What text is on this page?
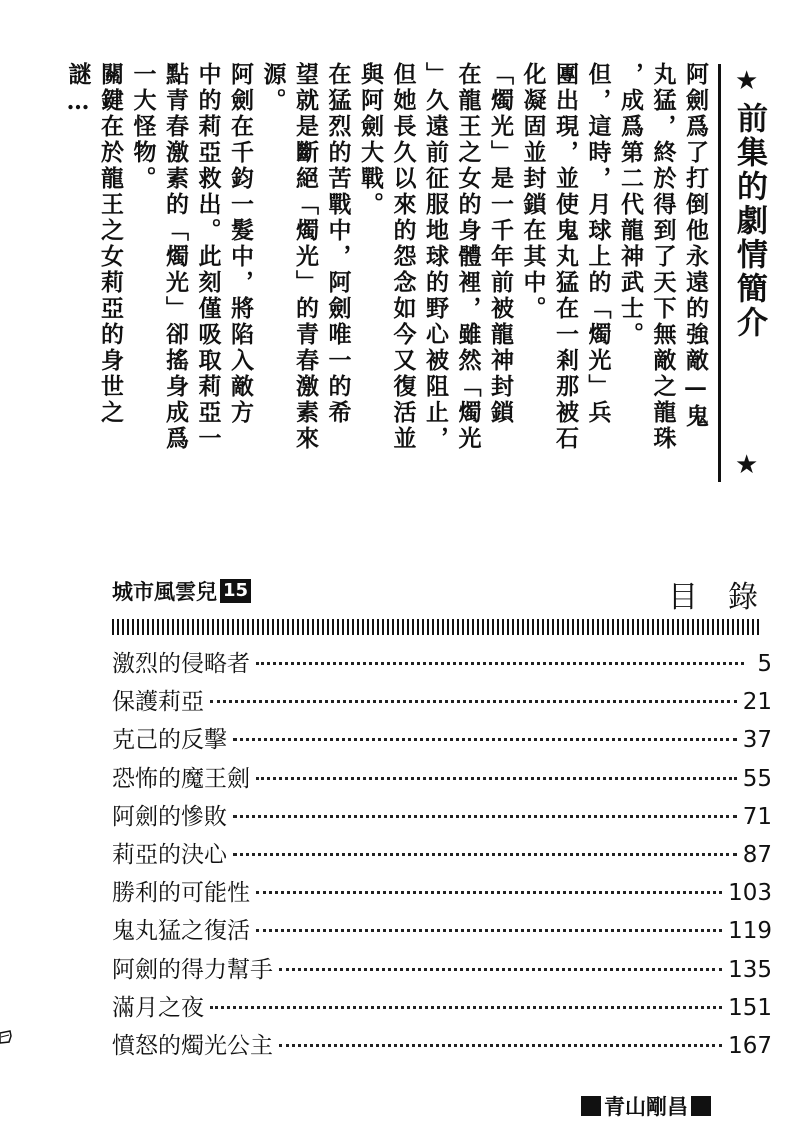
阿劍爲了打倒他永遠的強敵—鬼
丸猛，終於得到了天下無敵之龍珠
，成爲第二代龍神武士。
但，這時，月球上的「燭光」兵
團出現，並使鬼丸猛在一剎那被石
化凝固並封鎖在其中。
「燭光」是一千年前被龍神封鎖
在龍王之女的身體裡，雖然「燭光
」久遠前征服地球的野心被阻止，
但她長久以來的怨念如今又復活並
與阿劍大戰。
在猛烈的苦戰中，阿劍唯一的希
望就是斷絕「燭光」的青春激素來
源。
阿劍在千鈞一髮中，將陷入敵方
中的莉亞救出。此刻僅吸取莉亞一
點青春激素的「燭光」卻搖身成爲
一大怪物。
關鍵在於龍王之女莉亞的身世之
謎…	★
前集的劇情簡介
★
城市風雲兒 15	目錄
激烈的侵略者	5
保護莉亞	21
克己的反擊	37
恐怖的魔王劍	55
阿劍的慘敗	71
莉亞的決心	87
勝利的可能性	103
鬼丸猛之復活	119
阿劍的得力幫手	135
滿月之夜	151
憤怒的燭光公主	167
青山剛昌
